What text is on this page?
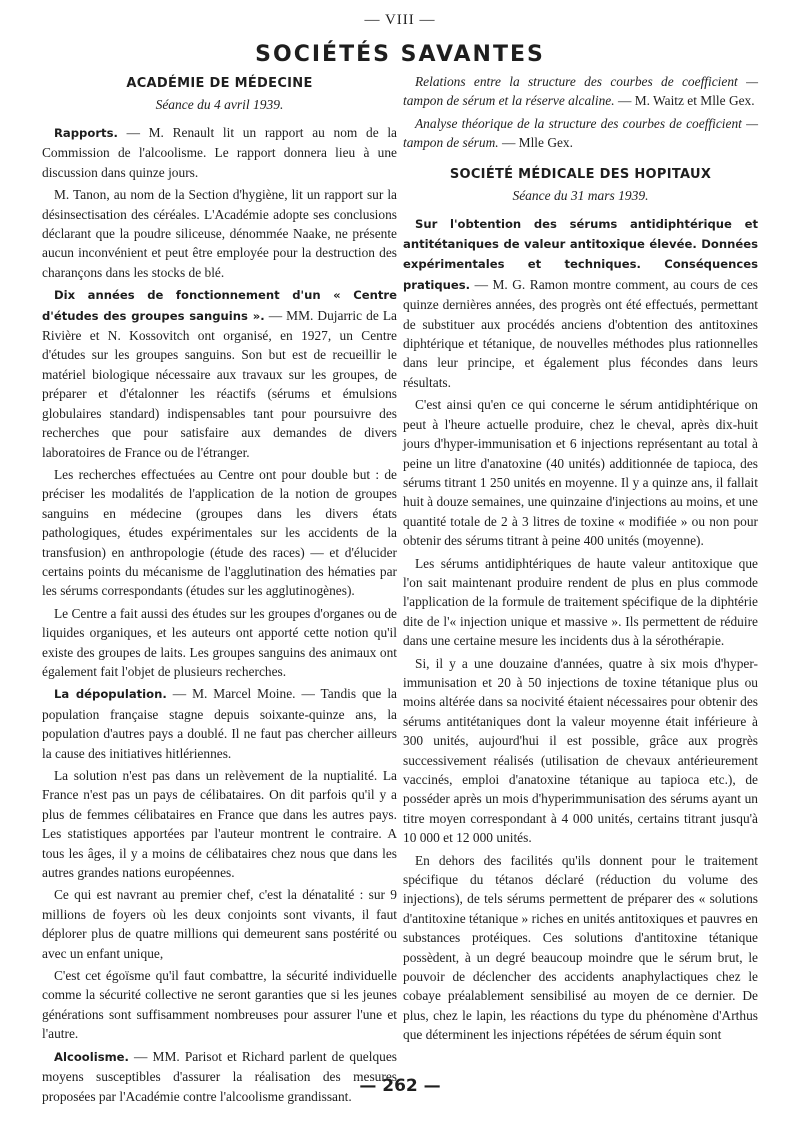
— VIII —
SOCIÉTÉS SAVANTES
ACADÉMIE DE MÉDECINE
Séance du 4 avril 1939.

Rapports. — M. Renault lit un rapport au nom de la Commission de l'alcoolisme. Le rapport donnera lieu à une discussion dans quinze jours.

M. Tanon, au nom de la Section d'hygiène, lit un rapport sur la désinsectisation des céréales. L'Académie adopte ses conclusions déclarant que la poudre siliceuse, dénommée Naake, ne présente aucun inconvénient et peut être employée pour la destruction des charançons dans les stocks de blé.

Dix années de fonctionnement d'un « Centre d'études des groupes sanguins ». — MM. Dujarric de La Rivière et N. Kossovitch ont organisé, en 1927, un Centre d'études sur les groupes sanguins. Son but est de recueillir le matériel biologique nécessaire aux travaux sur les groupes, de préparer et d'étalonner les réactifs (sérums et émulsions globulaires standard) indispensables tant pour poursuivre des recherches que pour satisfaire aux demandes de divers laboratoires de France ou de l'étranger.

Les recherches effectuées au Centre ont pour double but : de préciser les modalités de l'application de la notion de groupes sanguins en médecine (groupes dans les divers états pathologiques, études expérimentales sur les accidents de la transfusion) en anthropologie (étude des races) — et d'élucider certains points du mécanisme de l'agglutination des hématies par les sérums correspondants (études sur les agglutinogènes).

Le Centre a fait aussi des études sur les groupes d'organes ou de liquides organiques, et les auteurs ont apporté cette notion qu'il existe des groupes de laits. Les groupes sanguins des animaux ont également fait l'objet de plusieurs recherches.

La dépopulation. — M. Marcel Moine. — Tandis que la population française stagne depuis soixante-quinze ans, la population d'autres pays a doublé. Il ne faut pas chercher ailleurs la cause des initiatives hitlériennes.

La solution n'est pas dans un relèvement de la nuptialité. La France n'est pas un pays de célibataires. On dit parfois qu'il y a plus de femmes célibataires en France que dans les autres pays. Les statistiques apportées par l'auteur montrent le contraire. A tous les âges, il y a moins de célibataires chez nous que dans les autres grandes nations européennes.

Ce qui est navrant au premier chef, c'est la dénatalité : sur 9 millions de foyers où les deux conjoints sont vivants, il faut déplorer plus de quatre millions qui demeurent sans postérité ou avec un enfant unique,

C'est cet égoïsme qu'il faut combattre, la sécurité individuelle comme la sécurité collective ne seront garanties que si les jeunes générations sont suffisamment nombreuses pour assurer l'une et l'autre.

Alcoolisme. — MM. Parisot et Richard parlent de quelques moyens susceptibles d'assurer la réalisation des mesures proposées par l'Académie contre l'alcoolisme grandissant.

Relations entre la structure des courbes de coefficient — tampon de sérum et la réserve alcaline. — M. Waitz et Mlle Gex.

Analyse théorique de la structure des courbes de coefficient — tampon de sérum. — Mlle Gex.

SOCIÉTÉ MÉDICALE DES HOPITAUX
Séance du 31 mars 1939.

Sur l'obtention des sérums antidiphtérique et antitétaniques de valeur antitoxique élevée. Données expérimentales et techniques. Conséquences pratiques. — M. G. Ramon montre comment, au cours de ces quinze dernières années, des progrès ont été effectués, permettant de substituer aux procédés anciens d'obtention des antitoxines diphtérique et tétanique, de nouvelles méthodes plus rationnelles dans leur principe, et également plus fécondes dans leurs résultats.

C'est ainsi qu'en ce qui concerne le sérum antidiphtérique on peut à l'heure actuelle produire, chez le cheval, après dix-huit jours d'hyper-immunisation et 6 injections représentant au total à peine un litre d'anatoxine (40 unités) additionnée de tapioca, des sérums titrant 1 250 unités en moyenne. Il y a quinze ans, il fallait huit à douze semaines, une quinzaine d'injections au moins, et une quantité totale de 2 à 3 litres de toxine « modifiée » ou non pour obtenir des sérums titrant à peine 400 unités (moyenne).

Les sérums antidiphtériques de haute valeur antitoxique que l'on sait maintenant produire rendent de plus en plus commode l'application de la formule de traitement spécifique de la diphtérie dite de l'« injection unique et massive ». Ils permettent de réduire dans une certaine mesure les incidents dus à la sérothérapie.

Si, il y a une douzaine d'années, quatre à six mois d'hyper-immunisation et 20 à 50 injections de toxine tétanique plus ou moins altérée dans sa nocivité étaient nécessaires pour obtenir des sérums antitétaniques dont la valeur moyenne était inférieure à 300 unités, aujourd'hui il est possible, grâce aux progrès successivement réalisés (utilisation de chevaux antérieurement vaccinés, emploi d'anatoxine tétanique au tapioca etc.), de posséder après un mois d'hyperimmunisation des sérums ayant un titre moyen correspondant à 4 000 unités, certains titrant jusqu'à 10 000 et 12 000 unités.

En dehors des facilités qu'ils donnent pour le traitement spécifique du tétanos déclaré (réduction du volume des injections), de tels sérums permettent de préparer des « solutions d'antitoxine tétanique » riches en unités antitoxiques et pauvres en substances protéiques. Ces solutions d'antitoxine tétanique possèdent, à un degré beaucoup moindre que le sérum brut, le pouvoir de déclencher des accidents anaphylactiques chez le cobaye préalablement sensibilisé au moyen de ce dernier. De plus, chez le lapin, les réactions du type du phénomène d'Arthus que déterminent les injections répétées de sérum équin sont

— 262 —
